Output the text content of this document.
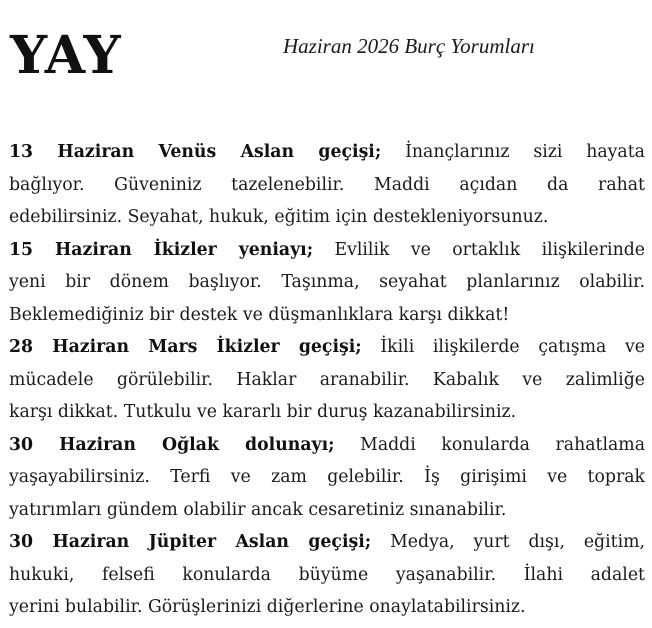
YAY	Haziran 2026 Burç Yorumları

13 Haziran Venüs Aslan geçişi; İnançlarınız sizi hayata
bağlıyor. Güveniniz tazelenebilir. Maddi açıdan da rahat
edebilirsiniz. Seyahat, hukuk, eğitim için destekleniyorsunuz.

15 Haziran İkizler yeniayı; Evlilik ve ortaklık ilişkilerinde
yeni bir dönem başlıyor. Taşınma, seyahat planlarınız olabilir.
Beklemediğiniz bir destek ve düşmanlıklara karşı dikkat!

28 Haziran Mars İkizler geçişi; İkili ilişkilerde çatışma ve
mücadele görülebilir. Haklar aranabilir. Kabalık ve zalimliğe
karşı dikkat. Tutkulu ve kararlı bir duruş kazanabilirsiniz.

30 Haziran Oğlak dolunayı; Maddi konularda rahatlama
yaşayabilirsiniz. Terfi ve zam gelebilir. İş girişimi ve toprak
yatırımları gündem olabilir ancak cesaretiniz sınanabilir.

30 Haziran Jüpiter Aslan geçişi; Medya, yurt dışı, eğitim,
hukuki, felsefi konularda büyüme yaşanabilir. İlahi adalet
yerini bulabilir. Görüşlerinizi diğerlerine onaylatabilirsiniz.
